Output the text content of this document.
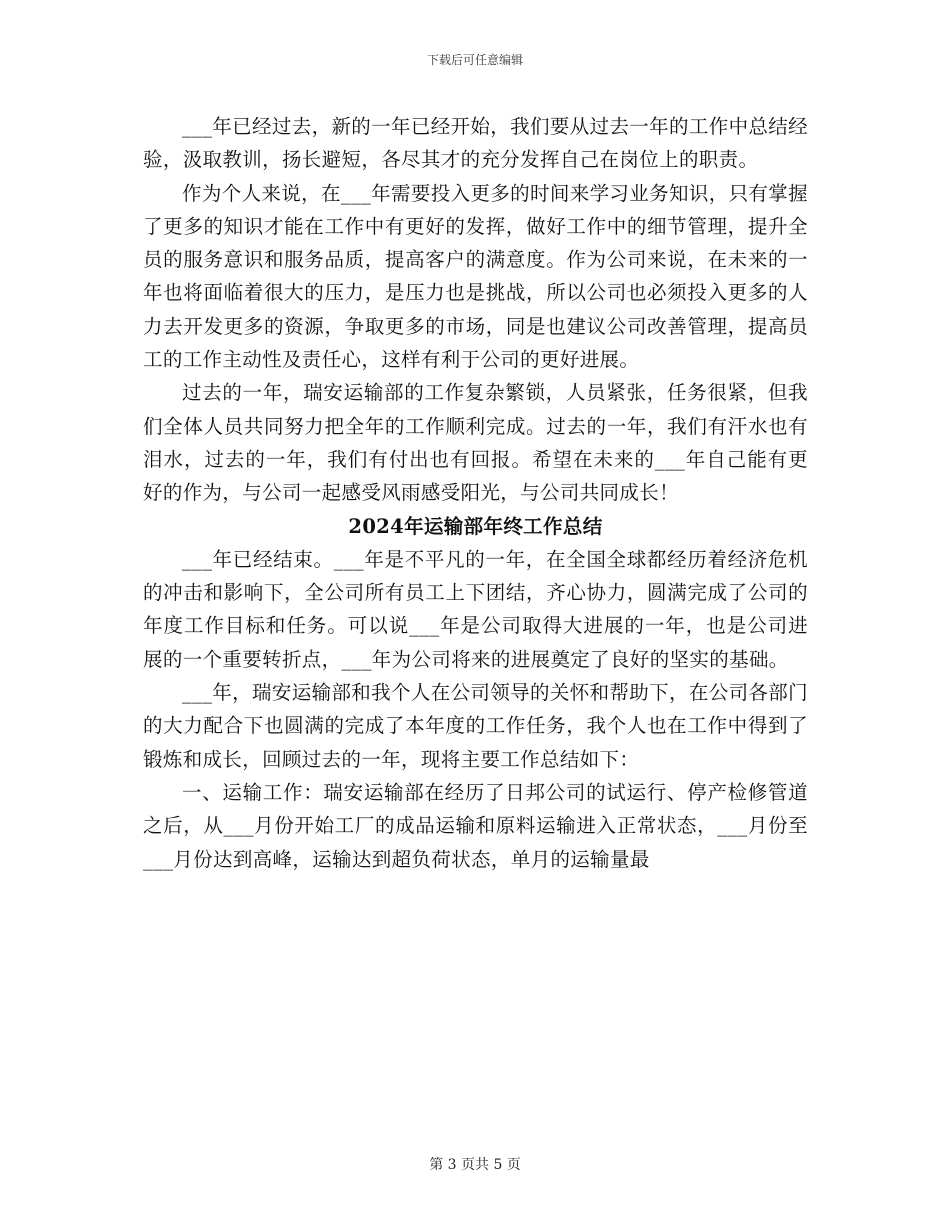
下载后可任意编辑

___年已经过去，新的一年已经开始，我们要从过去一年的工作中总结经验，汲取教训，扬长避短，各尽其才的充分发挥自己在岗位上的职责。

作为个人来说，在___年需要投入更多的时间来学习业务知识，只有掌握了更多的知识才能在工作中有更好的发挥，做好工作中的细节管理，提升全员的服务意识和服务品质，提高客户的满意度。作为公司来说，在未来的一年也将面临着很大的压力，是压力也是挑战，所以公司也必须投入更多的人力去开发更多的资源，争取更多的市场，同是也建议公司改善管理，提高员工的工作主动性及责任心，这样有利于公司的更好进展。

过去的一年，瑞安运输部的工作复杂繁锁，人员紧张，任务很紧，但我们全体人员共同努力把全年的工作顺利完成。过去的一年，我们有汗水也有泪水，过去的一年，我们有付出也有回报。希望在未来的___年自己能有更好的作为，与公司一起感受风雨感受阳光，与公司共同成长！

2024年运输部年终工作总结

___年已经结束。___年是不平凡的一年，在全国全球都经历着经济危机的冲击和影响下，全公司所有员工上下团结，齐心协力，圆满完成了公司的年度工作目标和任务。可以说___年是公司取得大进展的一年，也是公司进展的一个重要转折点，___年为公司将来的进展奠定了良好的坚实的基础。

___年，瑞安运输部和我个人在公司领导的关怀和帮助下，在公司各部门的大力配合下也圆满的完成了本年度的工作任务，我个人也在工作中得到了锻炼和成长，回顾过去的一年，现将主要工作总结如下：

一、运输工作：瑞安运输部在经历了日邦公司的试运行、停产检修管道之后，从___月份开始工厂的成品运输和原料运输进入正常状态，___月份至___月份达到高峰，运输达到超负荷状态，单月的运输量最

第 3 页共 5 页
